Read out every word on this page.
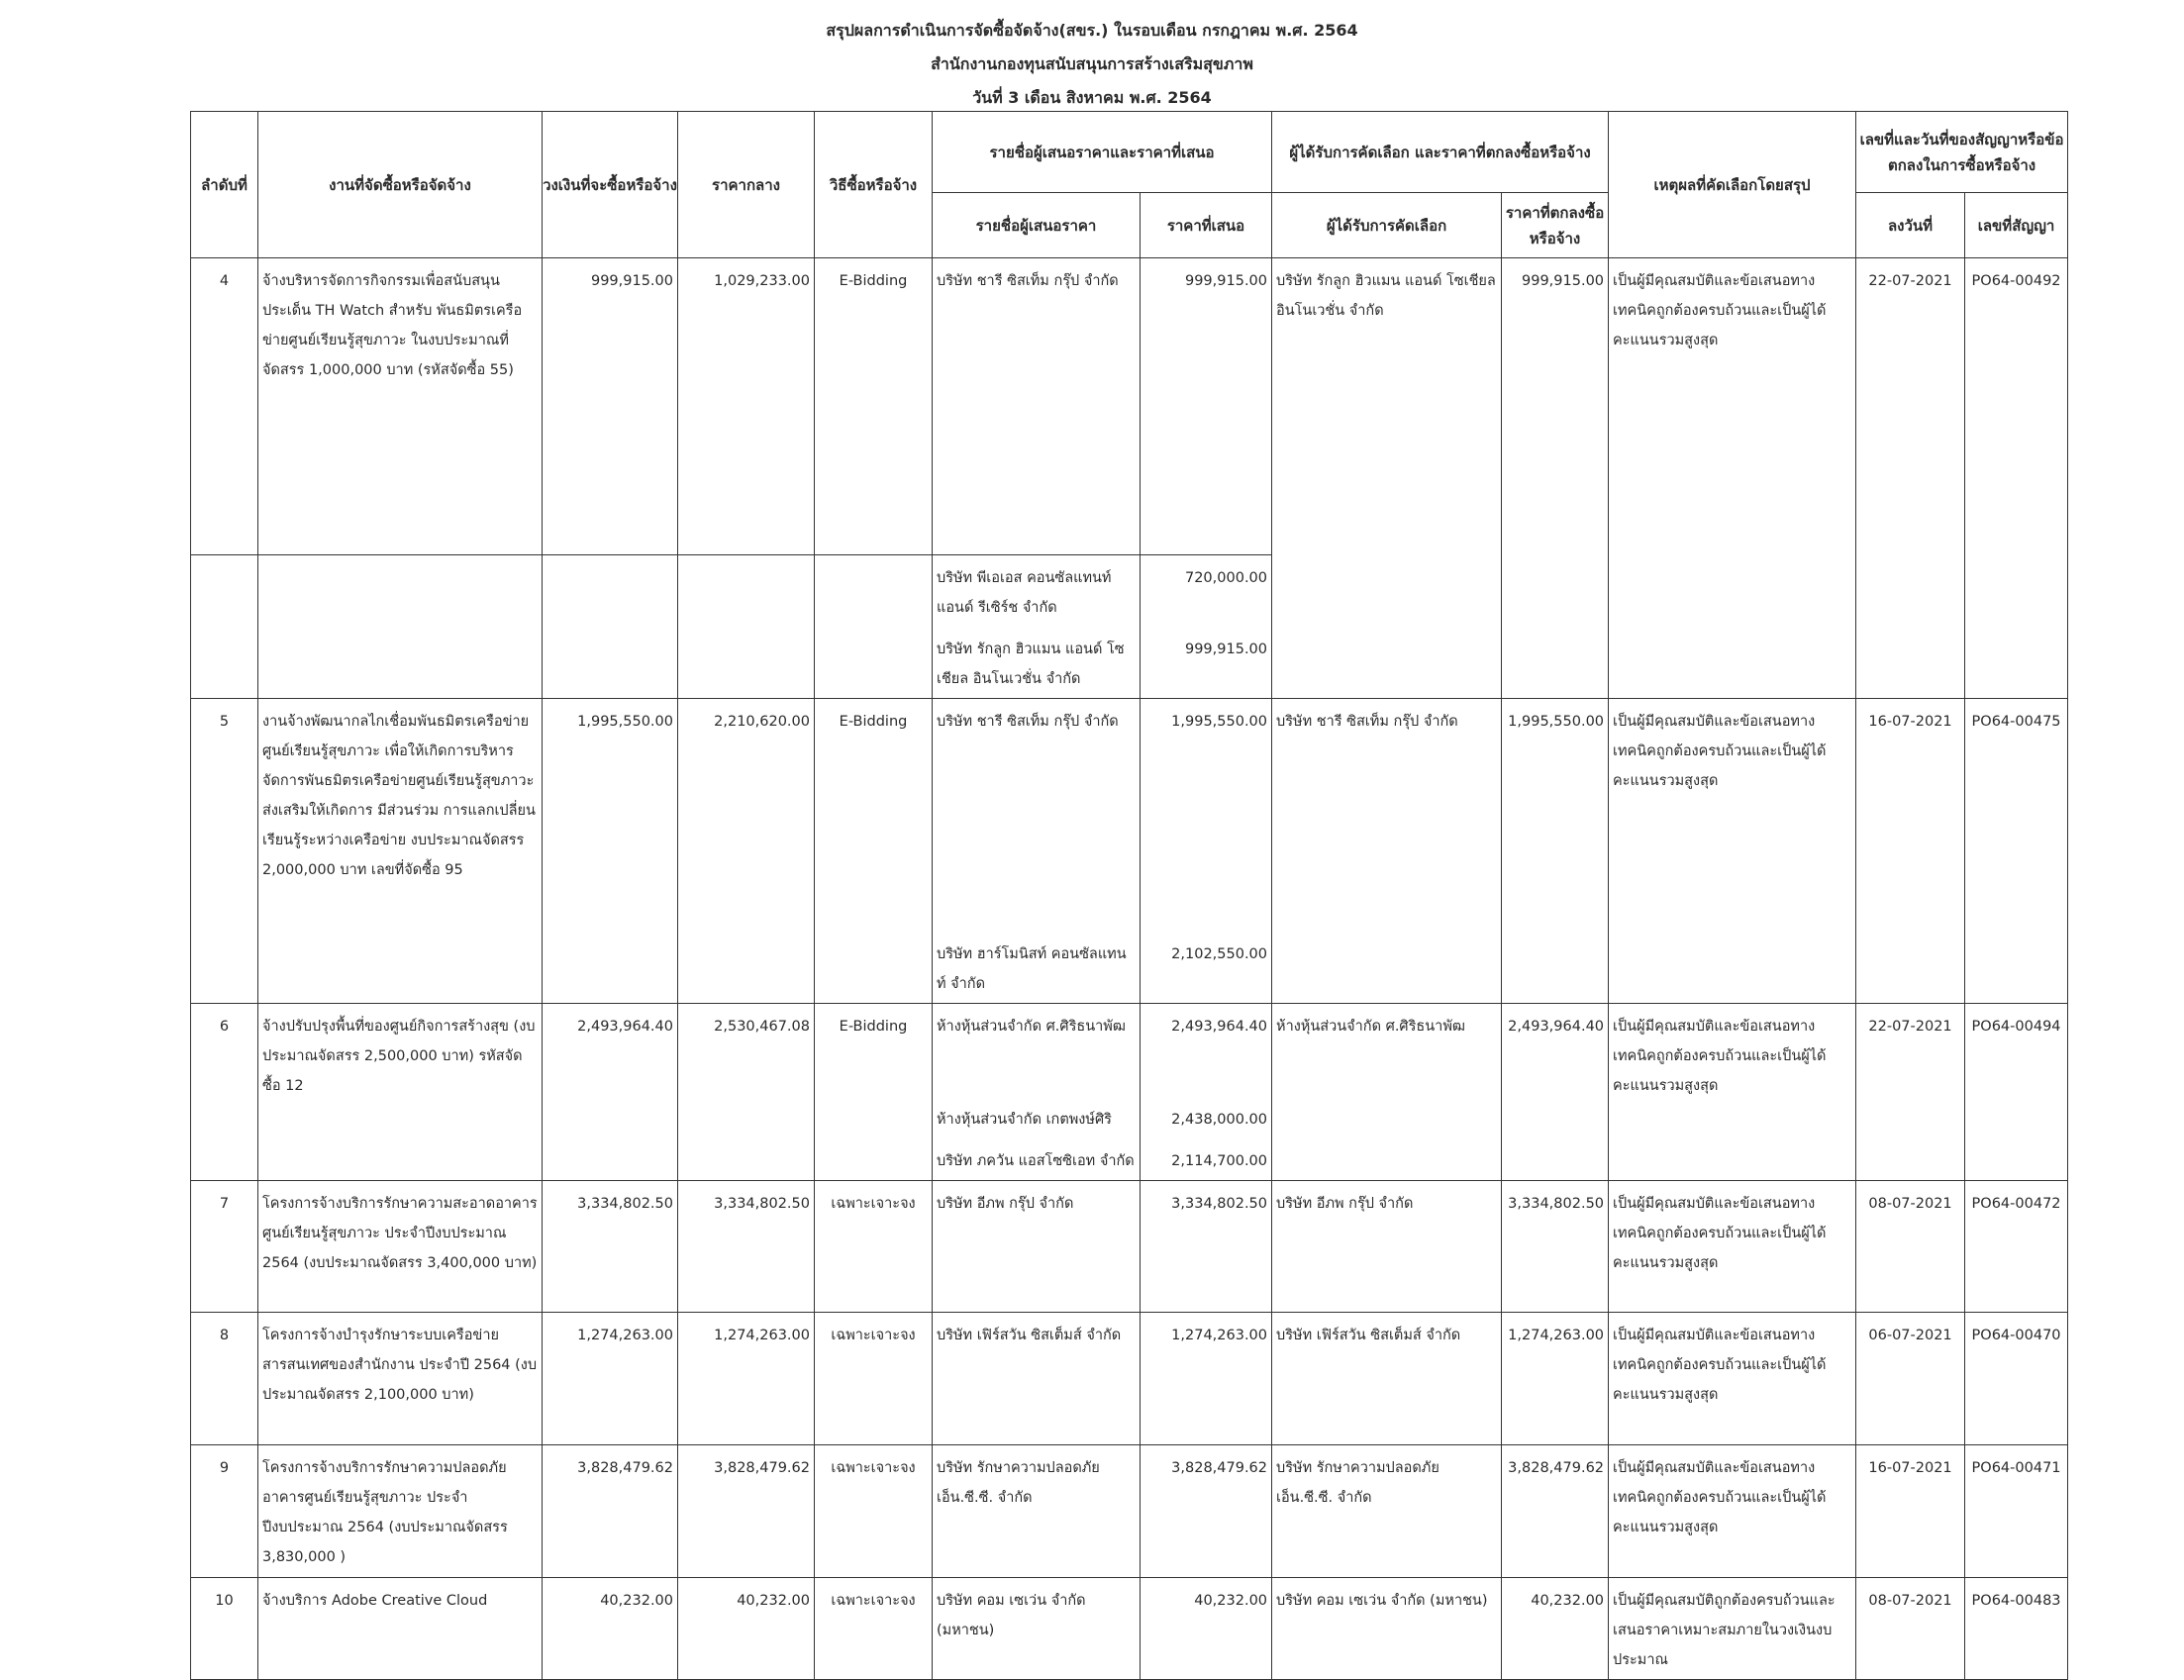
สรุปผลการดำเนินการจัดซื้อจัดจ้าง(สขร.) ในรอบเดือน กรกฎาคม พ.ศ. 2564
สำนักงานกองทุนสนับสนุนการสร้างเสริมสุขภาพ
วันที่ 3 เดือน สิงหาคม พ.ศ. 2564
ลำดับที่	งานที่จัดซื้อหรือจัดจ้าง	วงเงินที่จะซื้อหรือจ้าง	ราคากลาง	วิธีซื้อหรือจ้าง	รายชื่อผู้เสนอราคาและราคาที่เสนอ		ผู้ได้รับการคัดเลือก และราคาที่ตกลงซื้อหรือจ้าง		เหตุผลที่คัดเลือกโดยสรุป	เลขที่และวันที่ของสัญญาหรือข้อตกลงในการซื้อหรือจ้าง	
					รายชื่อผู้เสนอราคา	ราคาที่เสนอ	ผู้ได้รับการคัดเลือก	ราคาที่ตกลงซื้อหรือจ้าง		ลงวันที่	เลขที่สัญญา

4	จ้างบริหารจัดการกิจกรรมเพื่อสนับสนุนประเด็น TH Watch สำหรับ พันธมิตรเครือข่ายศูนย์เรียนรู้สุขภาวะ ในงบประมาณที่จัดสรร 1,000,000 บาท (รหัสจัดซื้อ 55)	999,915.00	1,029,233.00	E-Bidding	บริษัท ชารี ซิสเท็ม กรุ๊ป จำกัด	999,915.00	บริษัท รักลูก ฮิวแมน แอนด์ โซเชียล อินโนเวชั่น จำกัด	999,915.00	เป็นผู้มีคุณสมบัติและข้อเสนอทางเทคนิคถูกต้องครบถ้วนและเป็นผู้ได้คะแนนรวมสูงสุด	22-07-2021	PO64-00492

					บริษัท พีเอเอส คอนซัลแทนท์ แอนด์ รีเซิร์ช จำกัด	720,000.00					

					บริษัท รักลูก ฮิวแมน แอนด์ โซเชียล อินโนเวชั่น จำกัด	999,915.00					

5	งานจ้างพัฒนากลไกเชื่อมพันธมิตรเครือข่ายศูนย์เรียนรู้สุขภาวะ เพื่อให้เกิดการบริหารจัดการพันธมิตรเครือข่ายศูนย์เรียนรู้สุขภาวะส่งเสริมให้เกิดการ มีส่วนร่วม การแลกเปลี่ยนเรียนรู้ระหว่างเครือข่าย งบประมาณจัดสรร 2,000,000 บาท เลขที่จัดซื้อ 95	1,995,550.00	2,210,620.00	E-Bidding	บริษัท ชารี ซิสเท็ม กรุ๊ป จำกัด	1,995,550.00	บริษัท ชารี ซิสเท็ม กรุ๊ป จำกัด	1,995,550.00	เป็นผู้มีคุณสมบัติและข้อเสนอทางเทคนิคถูกต้องครบถ้วนและเป็นผู้ได้คะแนนรวมสูงสุด	16-07-2021	PO64-00475

					บริษัท ฮาร์โมนิสท์ คอนซัลแทนท์ จำกัด	2,102,550.00					

6	จ้างปรับปรุงพื้นที่ของศูนย์กิจการสร้างสุข (งบประมาณจัดสรร 2,500,000 บาท) รหัสจัดซื้อ 12	2,493,964.40	2,530,467.08	E-Bidding	ห้างหุ้นส่วนจำกัด ศ.ศิริธนาพัฒ	2,493,964.40	ห้างหุ้นส่วนจำกัด ศ.ศิริธนาพัฒ	2,493,964.40	เป็นผู้มีคุณสมบัติและข้อเสนอทางเทคนิคถูกต้องครบถ้วนและเป็นผู้ได้คะแนนรวมสูงสุด	22-07-2021	PO64-00494

					ห้างหุ้นส่วนจำกัด เกตพงษ์ศิริ	2,438,000.00					

					บริษัท ภควัน แอสโซซิเอท จำกัด	2,114,700.00					

7	โครงการจ้างบริการรักษาความสะอาดอาคารศูนย์เรียนรู้สุขภาวะ ประจำปีงบประมาณ 2564 (งบประมาณจัดสรร 3,400,000 บาท)	3,334,802.50	3,334,802.50	เฉพาะเจาะจง	บริษัท อีภพ กรุ๊ป จำกัด	3,334,802.50	บริษัท อีภพ กรุ๊ป จำกัด	3,334,802.50	เป็นผู้มีคุณสมบัติและข้อเสนอทางเทคนิคถูกต้องครบถ้วนและเป็นผู้ได้คะแนนรวมสูงสุด	08-07-2021	PO64-00472

8	โครงการจ้างบำรุงรักษาระบบเครือข่ายสารสนเทศของสำนักงาน ประจำปี 2564 (งบประมาณจัดสรร 2,100,000 บาท)	1,274,263.00	1,274,263.00	เฉพาะเจาะจง	บริษัท เฟิร์สวัน ซิสเต็มส์ จำกัด	1,274,263.00	บริษัท เฟิร์สวัน ซิสเต็มส์ จำกัด	1,274,263.00	เป็นผู้มีคุณสมบัติและข้อเสนอทางเทคนิคถูกต้องครบถ้วนและเป็นผู้ได้คะแนนรวมสูงสุด	06-07-2021	PO64-00470

9	โครงการจ้างบริการรักษาความปลอดภัยอาคารศูนย์เรียนรู้สุขภาวะ ประจำปีงบประมาณ 2564 (งบประมาณจัดสรร 3,830,000 )	3,828,479.62	3,828,479.62	เฉพาะเจาะจง	บริษัท รักษาความปลอดภัย เอ็น.ซี.ซี. จำกัด	3,828,479.62	บริษัท รักษาความปลอดภัย เอ็น.ซี.ซี. จำกัด	3,828,479.62	เป็นผู้มีคุณสมบัติและข้อเสนอทางเทคนิคถูกต้องครบถ้วนและเป็นผู้ได้คะแนนรวมสูงสุด	16-07-2021	PO64-00471

10	จ้างบริการ Adobe Creative Cloud	40,232.00	40,232.00	เฉพาะเจาะจง	บริษัท คอม เซเว่น จำกัด (มหาชน)	40,232.00	บริษัท คอม เซเว่น จำกัด (มหาชน)	40,232.00	เป็นผู้มีคุณสมบัติถูกต้องครบถ้วนและเสนอราคาเหมาะสมภายในวงเงินงบประมาณ	08-07-2021	PO64-00483
